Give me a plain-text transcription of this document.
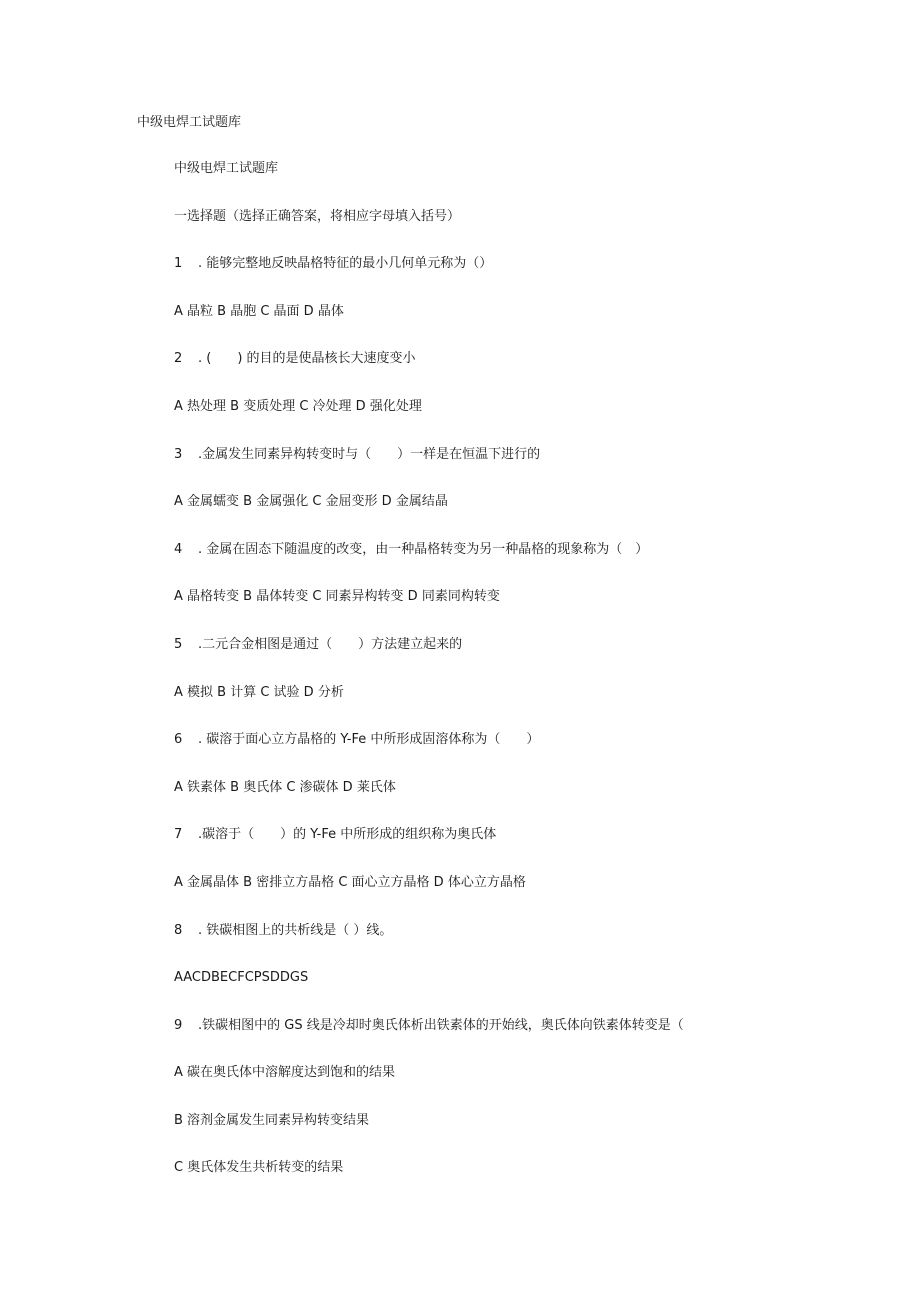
中级电焊工试题库
中级电焊工试题库
一选择题（选择正确答案，将相应字母填入括号）
1 . 能够完整地反映晶格特征的最小几何单元称为（）
A 晶粒 B 晶胞 C 晶面 D 晶体
2 . (　　) 的目的是使晶核长大速度变小
A 热处理 B 变质处理 C 冷处理 D 强化处理
3 .金属发生同素异构转变时与（　　）一样是在恒温下进行的
A 金属蠕变 B 金属强化 C 金屈变形 D 金属结晶
4 . 金属在固态下随温度的改变，由一种晶格转变为另一种晶格的现象称为（　）
A 晶格转变 B 晶体转变 C 同素异构转变 D 同素同构转变
5 .二元合金相图是通过（　　）方法建立起来的
A 模拟 B 计算 C 试验 D 分析
6 . 碳溶于面心立方晶格的 Y-Fe 中所形成固溶体称为（　　）
A 铁素体 B 奥氏体 C 渗碳体 D 莱氏体
7 .碳溶于（　　）的 Y-Fe 中所形成的组织称为奥氏体
A 金属晶体 B 密排立方晶格 C 面心立方晶格 D 体心立方晶格
8 . 铁碳相图上的共析线是（ ）线。
AACDBECFCPSDDGS
9 .铁碳相图中的 GS 线是冷却时奥氏体析出铁素体的开始线，奥氏体向铁素体转变是（
A 碳在奥氏体中溶解度达到饱和的结果
B 溶剂金属发生同素异构转变结果
C 奥氏体发生共析转变的结果
